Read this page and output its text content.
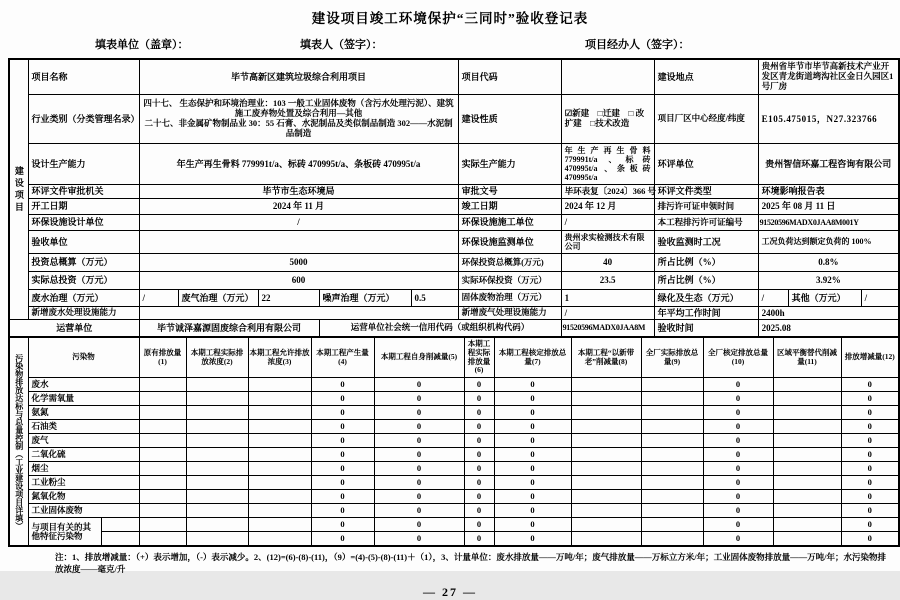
建设项目竣工环境保护“三同时”验收登记表
填表单位（盖章）：	填表人（签字）：	项目经办人（签字）：
建设项目	项目名称	毕节高新区建筑垃圾综合利用项目					项目代码		建设地点	贵州省毕节市毕节高新技术产业开发区青龙街道塆沟社区金日久园区1号厂房		
	行业类别（分类管理名录）	四十七、 生态保护和环境治理业：103 一般工业固体废物（含污水处理污泥）、建筑施工废弃物处置及综合利用—其他
二十七、非金属矿物制品业 30：55 石膏、水泥制品及类似制品制造 302——水泥制品制造					建设性质	☑新建　□迁建　□ 改扩建　□技术改造	项目厂区中心经度/纬度	E105.475015，N27.323766		
	设计生产能力	年生产再生骨料 779991t/a、标砖 470995t/a、条板砖 470995t/a					实际生产能力	年生产再生骨料779991t/a 、标砖470995t/a 、条板砖470995t/a	环评单位	贵州智信环嘉工程咨询有限公司		
	环评文件审批机关	毕节市生态环境局					审批文号	毕环表复〔2024〕366 号	环评文件类型	环境影响报告表		
	开工日期	2024 年 11 月					竣工日期	2024 年 12 月	排污许可证申领时间	2025 年 08 月 11 日		
	环保设施设计单位	/					环保设施施工单位	/	本工程排污许可证编号	91520596MADX0JAA8M001Y		
	验收单位						环保设施监测单位	贵州求实检测技术有限公司	验收监测时工况	工况负荷达到额定负荷的 100%		
	投资总概算（万元）	5000					环保投资总概算(万元)	40	所占比例（%）	0.8%		
	实际总投资（万元）	600					实际环保投资（万元）	23.5	所占比例（%）	3.92%		
	废水治理（万元）	/	废气治理（万元）	22	噪声治理（万元）	0.5	固体废物治理（万元）	1	绿化及生态（万元）	/	其他（万元）	/
	新增废水处理设施能力						新增废气处理设施能力	/	年平均工作时间	2400h		
运营单位		毕节诚泽嘉源固废综合利用有限公司			运营单位社会统一信用代码（或组织机构代码）			91520596MADX0JAA8M	验收时间	2025.08		
污染物排放达标与总量控制（工业建设项目详填）	污染物		原有排放量(1)	本期工程实际排放浓度(2)	本期工程允许排放浓度(3)	本期工程产生量(4)	本期工程自身削减量(5)	本期工程实际排放量(6)	本期工程核定排放总量(7)	本期工程“以新带老”削减量(8)	全厂实际排放总量(9)	全厂核定排放总量(10)	区域平衡替代削减量(11)	排放增减量(12)
	废水					0	0	0	0			0		0
	化学需氧量					0	0	0	0			0		0
	氨氮					0	0	0	0			0		0
	石油类					0	0	0	0			0		0
	废气					0	0	0	0			0		0
	二氧化硫					0	0	0	0			0		0
	烟尘					0	0	0	0			0		0
	工业粉尘					0	0	0	0			0		0
	氮氧化物					0	0	0	0			0		0
	工业固体废物					0	0	0	0			0		0
	与项目有关的其他特征污染物					0	0	0	0			0		0
						0	0	0	0			0		0
注：1、排放增减量：（+）表示增加，（-）表示减少。2、(12)=(6)-(8)-(11)，（9）=(4)-(5)-(8)-(11)＋（1），3、计量单位：废水排放量——万吨/年；废气排放量——万标立方米/年；工业固体废物排放量——万吨/年；水污染物排放浓度——毫克/升
— 27 —
